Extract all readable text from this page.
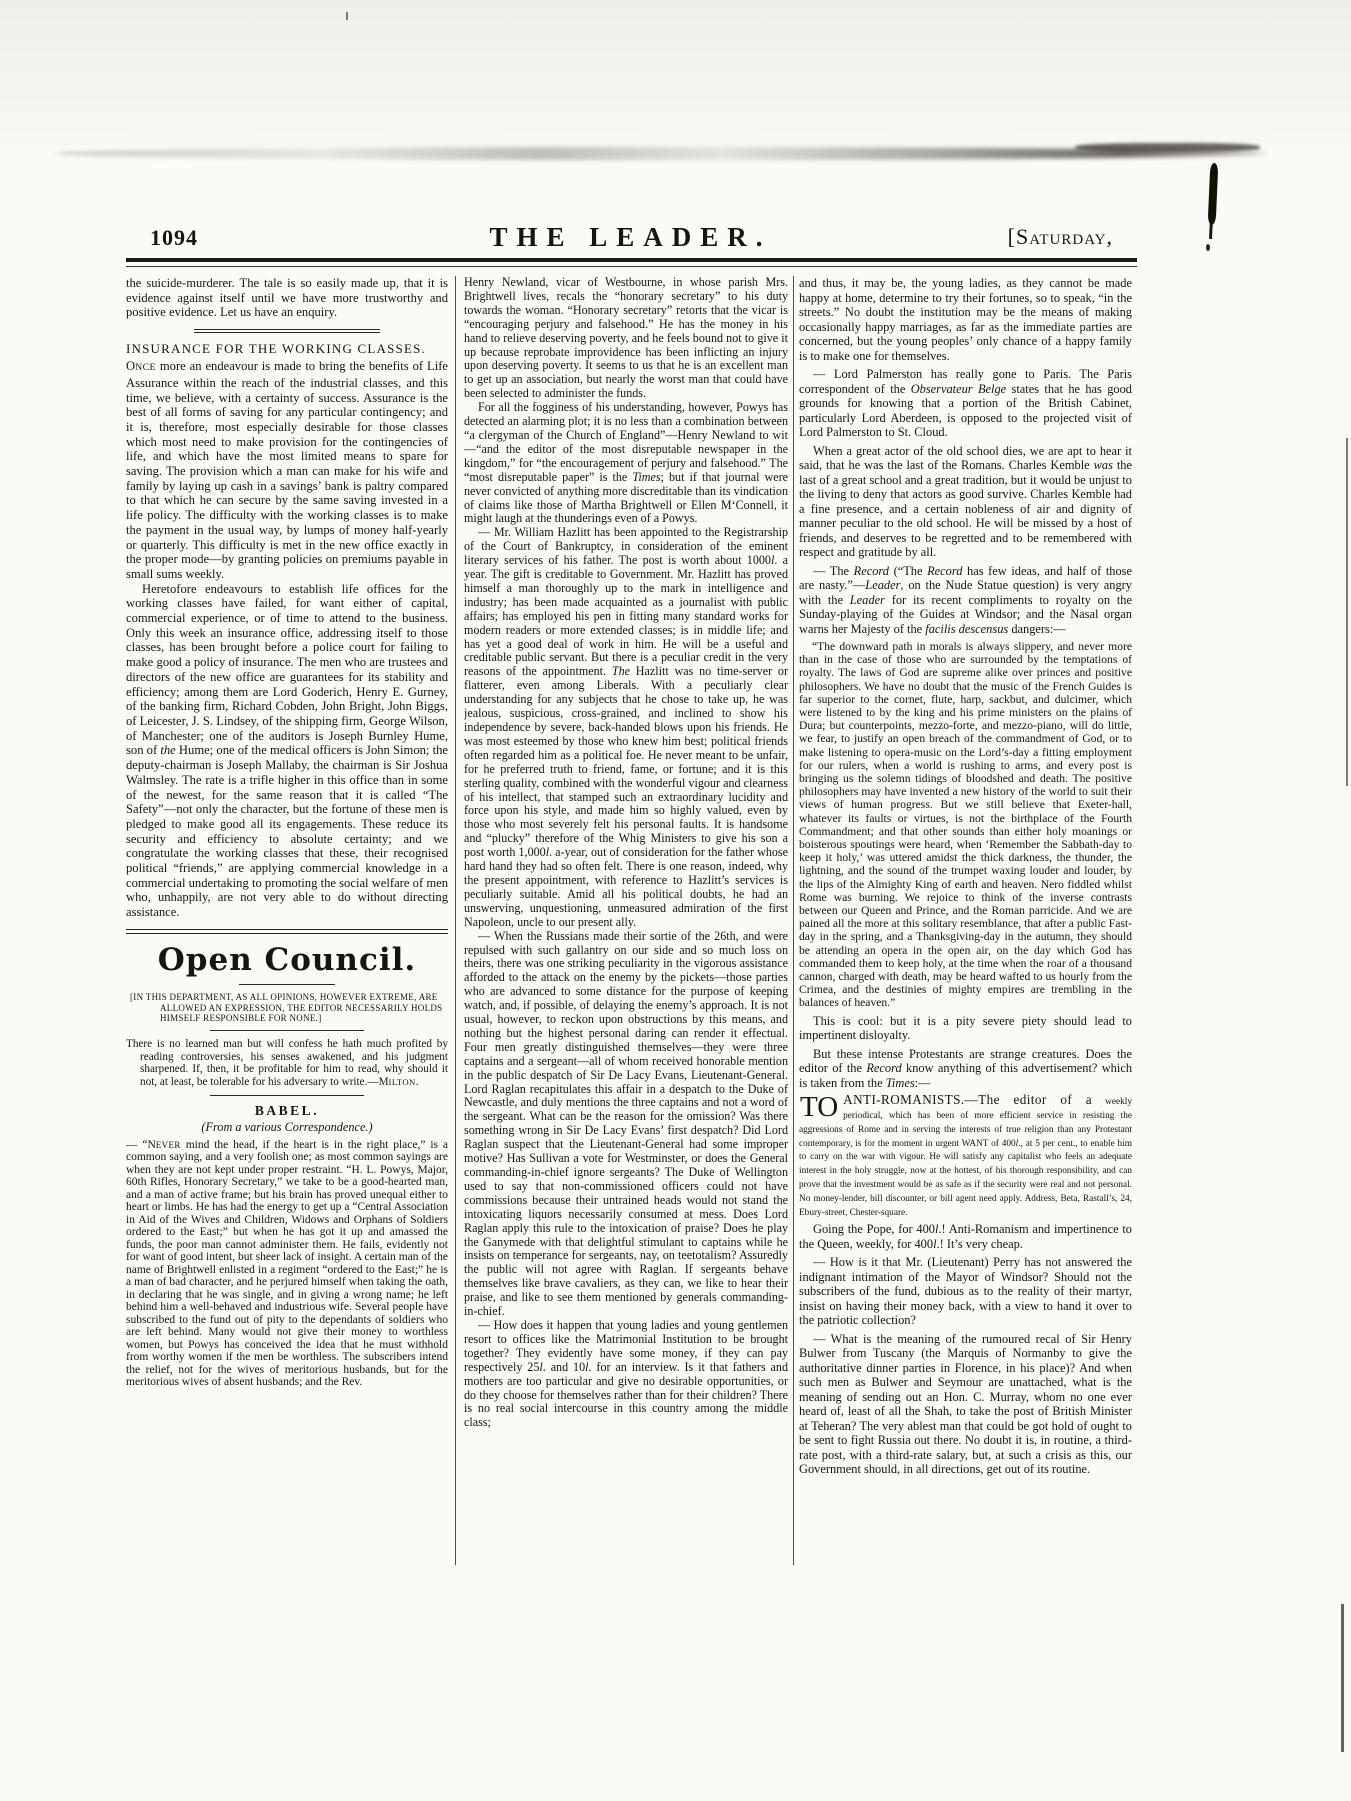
1094	THE LEADER.	[Saturday,

the suicide-murderer. The tale is so easily made up, that it is evidence against itself until we have more trustworthy and positive evidence. Let us have an enquiry.

INSURANCE FOR THE WORKING CLASSES.

ONCE more an endeavour is made to bring the benefits of Life Assurance within the reach of the industrial classes, and this time, we believe, with a certainty of success. Assurance is the best of all forms of saving for any particular contingency; and it is, therefore, most especially desirable for those classes which most need to make provision for the contingencies of life, and which have the most limited means to spare for saving. The provision which a man can make for his wife and family by laying up cash in a savings’ bank is paltry compared to that which he can secure by the same saving invested in a life policy. The difficulty with the working classes is to make the payment in the usual way, by lumps of money half-yearly or quarterly. This difficulty is met in the new office exactly in the proper mode—by granting policies on premiums payable in small sums weekly.

Heretofore endeavours to establish life offices for the working classes have failed, for want either of capital, commercial experience, or of time to attend to the business. Only this week an insurance office, addressing itself to those classes, has been brought before a police court for failing to make good a policy of insurance. The men who are trustees and directors of the new office are guarantees for its stability and efficiency; among them are Lord Goderich, Henry E. Gurney, of the banking firm, Richard Cobden, John Bright, John Biggs, of Leicester, J. S. Lindsey, of the shipping firm, George Wilson, of Manchester; one of the auditors is Joseph Burnley Hume, son of the Hume; one of the medical officers is John Simon; the deputy-chairman is Joseph Mallaby, the chairman is Sir Joshua Walmsley. The rate is a trifle higher in this office than in some of the newest, for the same reason that it is called “The Safety”—not only the character, but the fortune of these men is pledged to make good all its engagements. These reduce its security and efficiency to absolute certainty; and we congratulate the working classes that these, their recognised political “friends,” are applying commercial knowledge in a commercial undertaking to promoting the social welfare of men who, unhappily, are not very able to do without directing assistance.

Open Council.

[IN THIS DEPARTMENT, AS ALL OPINIONS, HOWEVER EXTREME, ARE ALLOWED AN EXPRESSION, THE EDITOR NECESSARILY HOLDS HIMSELF RESPONSIBLE FOR NONE.]

There is no learned man but will confess he hath much profited by reading controversies, his senses awakened, and his judgment sharpened. If, then, it be profitable for him to read, why should it not, at least, be tolerable for his adversary to write.—MILTON.

BABEL.

(From a various Correspondence.)

— “NEVER mind the head, if the heart is in the right place,” is a common saying, and a very foolish one; as most common sayings are when they are not kept under proper restraint. “H. L. Powys, Major, 60th Rifles, Honorary Secretary,” we take to be a good-hearted man, and a man of active frame; but his brain has proved unequal either to heart or limbs. He has had the energy to get up a “Central Association in Aid of the Wives and Children, Widows and Orphans of Soldiers ordered to the East;” but when he has got it up and amassed the funds, the poor man cannot administer them. He fails, evidently not for want of good intent, but sheer lack of insight. A certain man of the name of Brightwell enlisted in a regiment “ordered to the East;” he is a man of bad character, and he perjured himself when taking the oath, in declaring that he was single, and in giving a wrong name; he left behind him a well-behaved and industrious wife. Several people have subscribed to the fund out of pity to the dependants of soldiers who are left behind. Many would not give their money to worthless women, but Powys has conceived the idea that he must withhold from worthy women if the men be worthless. The subscribers intend the relief, not for the wives of meritorious husbands, but for the meritorious wives of absent husbands; and the Rev.

Henry Newland, vicar of Westbourne, in whose parish Mrs. Brightwell lives, recals the “honorary secretary” to his duty towards the woman. “Honorary secretary” retorts that the vicar is “encouraging perjury and falsehood.” He has the money in his hand to relieve deserving poverty, and he feels bound not to give it up because reprobate improvidence has been inflicting an injury upon deserving poverty. It seems to us that he is an excellent man to get up an association, but nearly the worst man that could have been selected to administer the funds.

For all the fogginess of his understanding, however, Powys has detected an alarming plot; it is no less than a combination between “a clergyman of the Church of England”—Henry Newland to wit—“and the editor of the most disreputable newspaper in the kingdom,” for “the encouragement of perjury and falsehood.” The “most disreputable paper” is the Times; but if that journal were never convicted of anything more discreditable than its vindication of claims like those of Martha Brightwell or Ellen M‘Connell, it might laugh at the thunderings even of a Powys.

— Mr. William Hazlitt has been appointed to the Registrarship of the Court of Bankruptcy, in consideration of the eminent literary services of his father. The post is worth about 1000l. a year. The gift is creditable to Government. Mr. Hazlitt has proved himself a man thoroughly up to the mark in intelligence and industry; has been made acquainted as a journalist with public affairs; has employed his pen in fitting many standard works for modern readers or more extended classes; is in middle life; and has yet a good deal of work in him. He will be a useful and creditable public servant. But there is a peculiar credit in the very reasons of the appointment. The Hazlitt was no time-server or flatterer, even among Liberals. With a peculiarly clear understanding for any subjects that he chose to take up, he was jealous, suspicious, cross-grained, and inclined to show his independence by severe, back-handed blows upon his friends. He was most esteemed by those who knew him best; political friends often regarded him as a political foe. He never meant to be unfair, for he preferred truth to friend, fame, or fortune; and it is this sterling quality, combined with the wonderful vigour and clearness of his intellect, that stamped such an extraordinary lucidity and force upon his style, and made him so highly valued, even by those who most severely felt his personal faults. It is handsome and “plucky” therefore of the Whig Ministers to give his son a post worth 1,000l. a-year, out of consideration for the father whose hard hand they had so often felt. There is one reason, indeed, why the present appointment, with reference to Hazlitt’s services is peculiarly suitable. Amid all his political doubts, he had an unswerving, unquestioning, unmeasured admiration of the first Napoleon, uncle to our present ally.

— When the Russians made their sortie of the 26th, and were repulsed with such gallantry on our side and so much loss on theirs, there was one striking peculiarity in the vigorous assistance afforded to the attack on the enemy by the pickets—those parties who are advanced to some distance for the purpose of keeping watch, and, if possible, of delaying the enemy’s approach. It is not usual, however, to reckon upon obstructions by this means, and nothing but the highest personal daring can render it effectual. Four men greatly distinguished themselves—they were three captains and a sergeant—all of whom received honorable mention in the public despatch of Sir De Lacy Evans, Lieutenant-General. Lord Raglan recapitulates this affair in a despatch to the Duke of Newcastle, and duly mentions the three captains and not a word of the sergeant. What can be the reason for the omission? Was there something wrong in Sir De Lacy Evans’ first despatch? Did Lord Raglan suspect that the Lieutenant-General had some improper motive? Has Sullivan a vote for Westminster, or does the General commanding-in-chief ignore sergeants? The Duke of Wellington used to say that non-commissioned officers could not have commissions because their untrained heads would not stand the intoxicating liquors necessarily consumed at mess. Does Lord Raglan apply this rule to the intoxication of praise? Does he play the Ganymede with that delightful stimulant to captains while he insists on temperance for sergeants, nay, on teetotalism? Assuredly the public will not agree with Raglan. If sergeants behave themselves like brave cavaliers, as they can, we like to hear their praise, and like to see them mentioned by generals commanding-in-chief.

— How does it happen that young ladies and young gentlemen resort to offices like the Matrimonial Institution to be brought together? They evidently have some money, if they can pay respectively 25l. and 10l. for an interview. Is it that fathers and mothers are too particular and give no desirable opportunities, or do they choose for themselves rather than for their children? There is no real social intercourse in this country among the middle class;

and thus, it may be, the young ladies, as they cannot be made happy at home, determine to try their fortunes, so to speak, “in the streets.” No doubt the institution may be the means of making occasionally happy marriages, as far as the immediate parties are concerned, but the young peoples’ only chance of a happy family is to make one for themselves.

— Lord Palmerston has really gone to Paris. The Paris correspondent of the Observateur Belge states that he has good grounds for knowing that a portion of the British Cabinet, particularly Lord Aberdeen, is opposed to the projected visit of Lord Palmerston to St. Cloud.

When a great actor of the old school dies, we are apt to hear it said, that he was the last of the Romans. Charles Kemble was the last of a great school and a great tradition, but it would be unjust to the living to deny that actors as good survive. Charles Kemble had a fine presence, and a certain nobleness of air and dignity of manner peculiar to the old school. He will be missed by a host of friends, and deserves to be regretted and to be remembered with respect and gratitude by all.

— The Record (“The Record has few ideas, and half of those are nasty.”—Leader, on the Nude Statue question) is very angry with the Leader for its recent compliments to royalty on the Sunday-playing of the Guides at Windsor; and the Nasal organ warns her Majesty of the facilis descensus dangers:—

“The downward path in morals is always slippery, and never more than in the case of those who are surrounded by the temptations of royalty. The laws of God are supreme alike over princes and positive philosophers. We have no doubt that the music of the French Guides is far superior to the cornet, flute, harp, sackbut, and dulcimer, which were listened to by the king and his prime ministers on the plains of Dura; but counterpoints, mezzo-forte, and mezzo-piano, will do little, we fear, to justify an open breach of the commandment of God, or to make listening to opera-music on the Lord’s-day a fitting employment for our rulers, when a world is rushing to arms, and every post is bringing us the solemn tidings of bloodshed and death. The positive philosophers may have invented a new history of the world to suit their views of human progress. But we still believe that Exeter-hall, whatever its faults or virtues, is not the birthplace of the Fourth Commandment; and that other sounds than either holy moanings or boisterous spoutings were heard, when ‘Remember the Sabbath-day to keep it holy,’ was uttered amidst the thick darkness, the thunder, the lightning, and the sound of the trumpet waxing louder and louder, by the lips of the Almighty King of earth and heaven. Nero fiddled whilst Rome was burning. We rejoice to think of the inverse contrasts between our Queen and Prince, and the Roman parricide. And we are pained all the more at this solitary resemblance, that after a public Fast-day in the spring, and a Thanksgiving-day in the autumn, they should be attending an opera in the open air, on the day which God has commanded them to keep holy, at the time when the roar of a thousand cannon, charged with death, may be heard wafted to us hourly from the Crimea, and the destinies of mighty empires are trembling in the balances of heaven.”

This is cool: but it is a pity severe piety should lead to impertinent disloyalty.

But these intense Protestants are strange creatures. Does the editor of the Record know anything of this advertisement? which is taken from the Times:—

TO ANTI-ROMANISTS.—The editor of a weekly periodical, which has been of more efficient service in resisting the aggressions of Rome and in serving the interests of true religion than any Protestant contemporary, is for the moment in urgent WANT of 400l., at 5 per cent., to enable him to carry on the war with vigour. He will satisfy any capitalist who feels an adequate interest in the holy struggle, now at the hottest, of his thorough responsibility, and can prove that the investment would be as safe as if the security were real and not personal. No money-lender, bill discounter, or bill agent need apply. Address, Beta, Rastall’s, 24, Ebury-street, Chester-square.

Going the Pope, for 400l.! Anti-Romanism and impertinence to the Queen, weekly, for 400l.! It’s very cheap.

— How is it that Mr. (Lieutenant) Perry has not answered the indignant intimation of the Mayor of Windsor? Should not the subscribers of the fund, dubious as to the reality of their martyr, insist on having their money back, with a view to hand it over to the patriotic collection?

— What is the meaning of the rumoured recal of Sir Henry Bulwer from Tuscany (the Marquis of Normanby to give the authoritative dinner parties in Florence, in his place)? And when such men as Bulwer and Seymour are unattached, what is the meaning of sending out an Hon. C. Murray, whom no one ever heard of, least of all the Shah, to take the post of British Minister at Teheran? The very ablest man that could be got hold of ought to be sent to fight Russia out there. No doubt it is, in routine, a third-rate post, with a third-rate salary, but, at such a crisis as this, our Government should, in all directions, get out of its routine.
